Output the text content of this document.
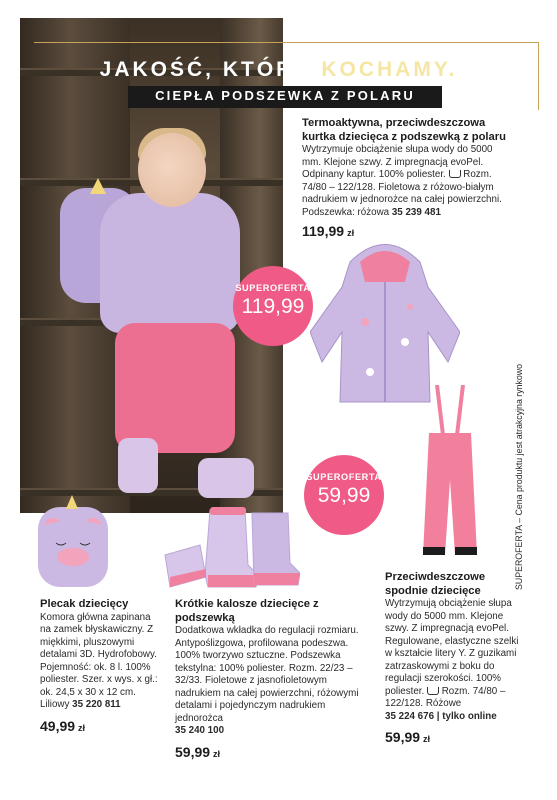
JAKOŚĆ, KTÓRĄ KOCHAMY.
CIEPŁA PODSZEWKA Z POLARU
Termoaktywna, przeciwdeszczowa kurtka dziecięca z podszewką z polaru
Wytrzymuje obciążenie słupa wody do 5000 mm. Klejone szwy. Z impregnacją evoPel. Odpinany kaptur. 100% poliester. Rozm. 74/80 – 122/128. Fioletowa z różowo-białym nadrukiem w jednorożce na całej powierzchni. Podszewka: różowa 35 239 481
119,99 zł
SUPEROFERTA
119,99
SUPEROFERTA
59,99
Plecak dziecięcy
Komora główna zapinana na zamek błyskawiczny. Z miękkimi, pluszowymi detalami 3D. Hydrofobowy. Pojemność: ok. 8 l. 100% poliester. Szer. x wys. x gł.: ok. 24,5 x 30 x 12 cm. Liliowy 35 220 811
49,99 zł
Krótkie kalosze dziecięce z podszewką
Dodatkowa wkładka do regulacji rozmiaru. Antypoślizgowa, profilowana podeszwa. 100% tworzywo sztuczne. Podszewka tekstylna: 100% poliester. Rozm. 22/23 – 32/33. Fioletowe z jasnofioletowym nadrukiem na całej powierzchni, różowymi detalami i pojedynczym nadrukiem jednorożca
35 240 100
59,99 zł
Przeciwdeszczowe spodnie dziecięce
Wytrzymują obciążenie słupa wody do 5000 mm. Klejone szwy. Z impregnacją evoPel. Regulowane, elastyczne szelki w kształcie litery Y. Z guzikami zatrzaskowymi z boku do regulacji szerokości. 100% poliester. Rozm. 74/80 – 122/128. Różowe
35 224 676 | tylko online
59,99 zł
SUPEROFERTA – Cena produktu jest atrakcyjna rynkowo
